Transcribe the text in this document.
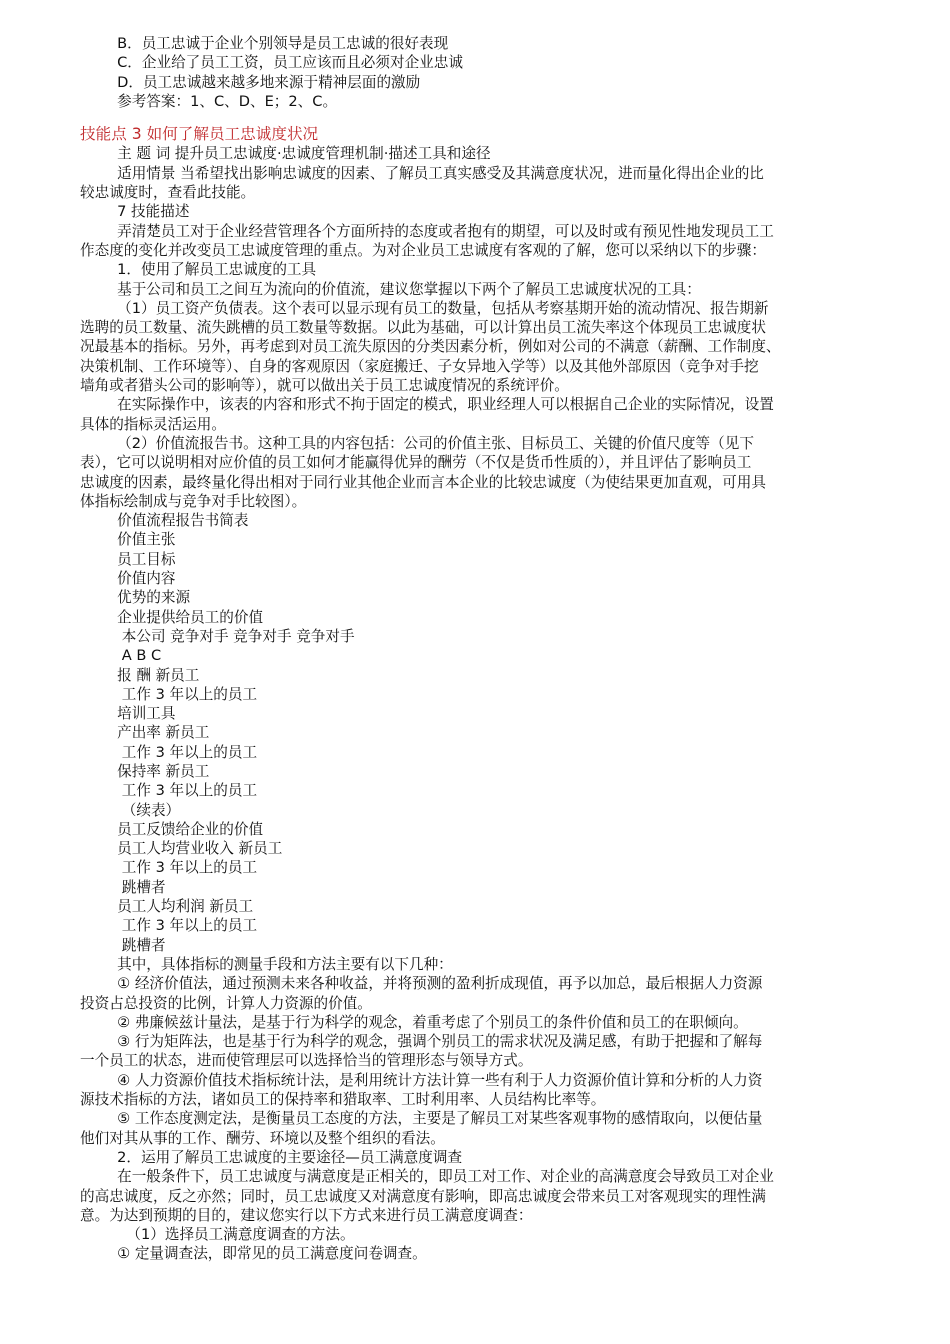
B．员工忠诚于企业个别领导是员工忠诚的很好表现
C．企业给了员工工资，员工应该而且必须对企业忠诚
D．员工忠诚越来越多地来源于精神层面的激励
参考答案：1、C、D、E；2、C。
技能点 3 如何了解员工忠诚度状况
主 题 词 提升员工忠诚度·忠诚度管理机制·描述工具和途径
适用情景 当希望找出影响忠诚度的因素、了解员工真实感受及其满意度状况，进而量化得出企业的比
较忠诚度时，查看此技能。
7 技能描述
弄清楚员工对于企业经营管理各个方面所持的态度或者抱有的期望，可以及时或有预见性地发现员工工
作态度的变化并改变员工忠诚度管理的重点。为对企业员工忠诚度有客观的了解，您可以采纳以下的步骤：
1．使用了解员工忠诚度的工具
基于公司和员工之间互为流向的价值流，建议您掌握以下两个了解员工忠诚度状况的工具：
（1）员工资产负债表。这个表可以显示现有员工的数量，包括从考察基期开始的流动情况、报告期新
选聘的员工数量、流失跳槽的员工数量等数据。以此为基础，可以计算出员工流失率这个体现员工忠诚度状
况最基本的指标。另外，再考虑到对员工流失原因的分类因素分析，例如对公司的不满意（薪酬、工作制度、
决策机制、工作环境等）、自身的客观原因（家庭搬迁、子女异地入学等）以及其他外部原因（竞争对手挖
墙角或者猎头公司的影响等），就可以做出关于员工忠诚度情况的系统评价。
在实际操作中，该表的内容和形式不拘于固定的模式，职业经理人可以根据自己企业的实际情况，设置
具体的指标灵活运用。
（2）价值流报告书。这种工具的内容包括：公司的价值主张、目标员工、关键的价值尺度等（见下
表），它可以说明相对应价值的员工如何才能赢得优异的酬劳（不仅是货币性质的），并且评估了影响员工
忠诚度的因素，最终量化得出相对于同行业其他企业而言本企业的比较忠诚度（为使结果更加直观，可用具
体指标绘制成与竞争对手比较图）。
价值流程报告书简表
价值主张
员工目标
价值内容
优势的来源
企业提供给员工的价值
本公司 竞争对手 竞争对手 竞争对手
A B C
报 酬 新员工
工作 3 年以上的员工
培训工具
产出率 新员工
工作 3 年以上的员工
保持率 新员工
工作 3 年以上的员工
（续表）
员工反馈给企业的价值
员工人均营业收入 新员工
工作 3 年以上的员工
跳槽者
员工人均利润 新员工
工作 3 年以上的员工
跳槽者
其中，具体指标的测量手段和方法主要有以下几种：
① 经济价值法，通过预测未来各种收益，并将预测的盈利折成现值，再予以加总，最后根据人力资源
投资占总投资的比例，计算人力资源的价值。
② 弗廉候兹计量法，是基于行为科学的观念，着重考虑了个别员工的条件价值和员工的在职倾向。
③ 行为矩阵法，也是基于行为科学的观念，强调个别员工的需求状况及满足感，有助于把握和了解每
一个员工的状态，进而使管理层可以选择恰当的管理形态与领导方式。
④ 人力资源价值技术指标统计法，是利用统计方法计算一些有利于人力资源价值计算和分析的人力资
源技术指标的方法，诸如员工的保持率和猎取率、工时利用率、人员结构比率等。
⑤ 工作态度测定法，是衡量员工态度的方法，主要是了解员工对某些客观事物的感情取向，以便估量
他们对其从事的工作、酬劳、环境以及整个组织的看法。
2．运用了解员工忠诚度的主要途径—员工满意度调查
在一般条件下，员工忠诚度与满意度是正相关的，即员工对工作、对企业的高满意度会导致员工对企业
的高忠诚度，反之亦然；同时，员工忠诚度又对满意度有影响，即高忠诚度会带来员工对客观现实的理性满
意。为达到预期的目的，建议您实行以下方式来进行员工满意度调查：
（1）选择员工满意度调查的方法。
① 定量调查法，即常见的员工满意度问卷调查。
